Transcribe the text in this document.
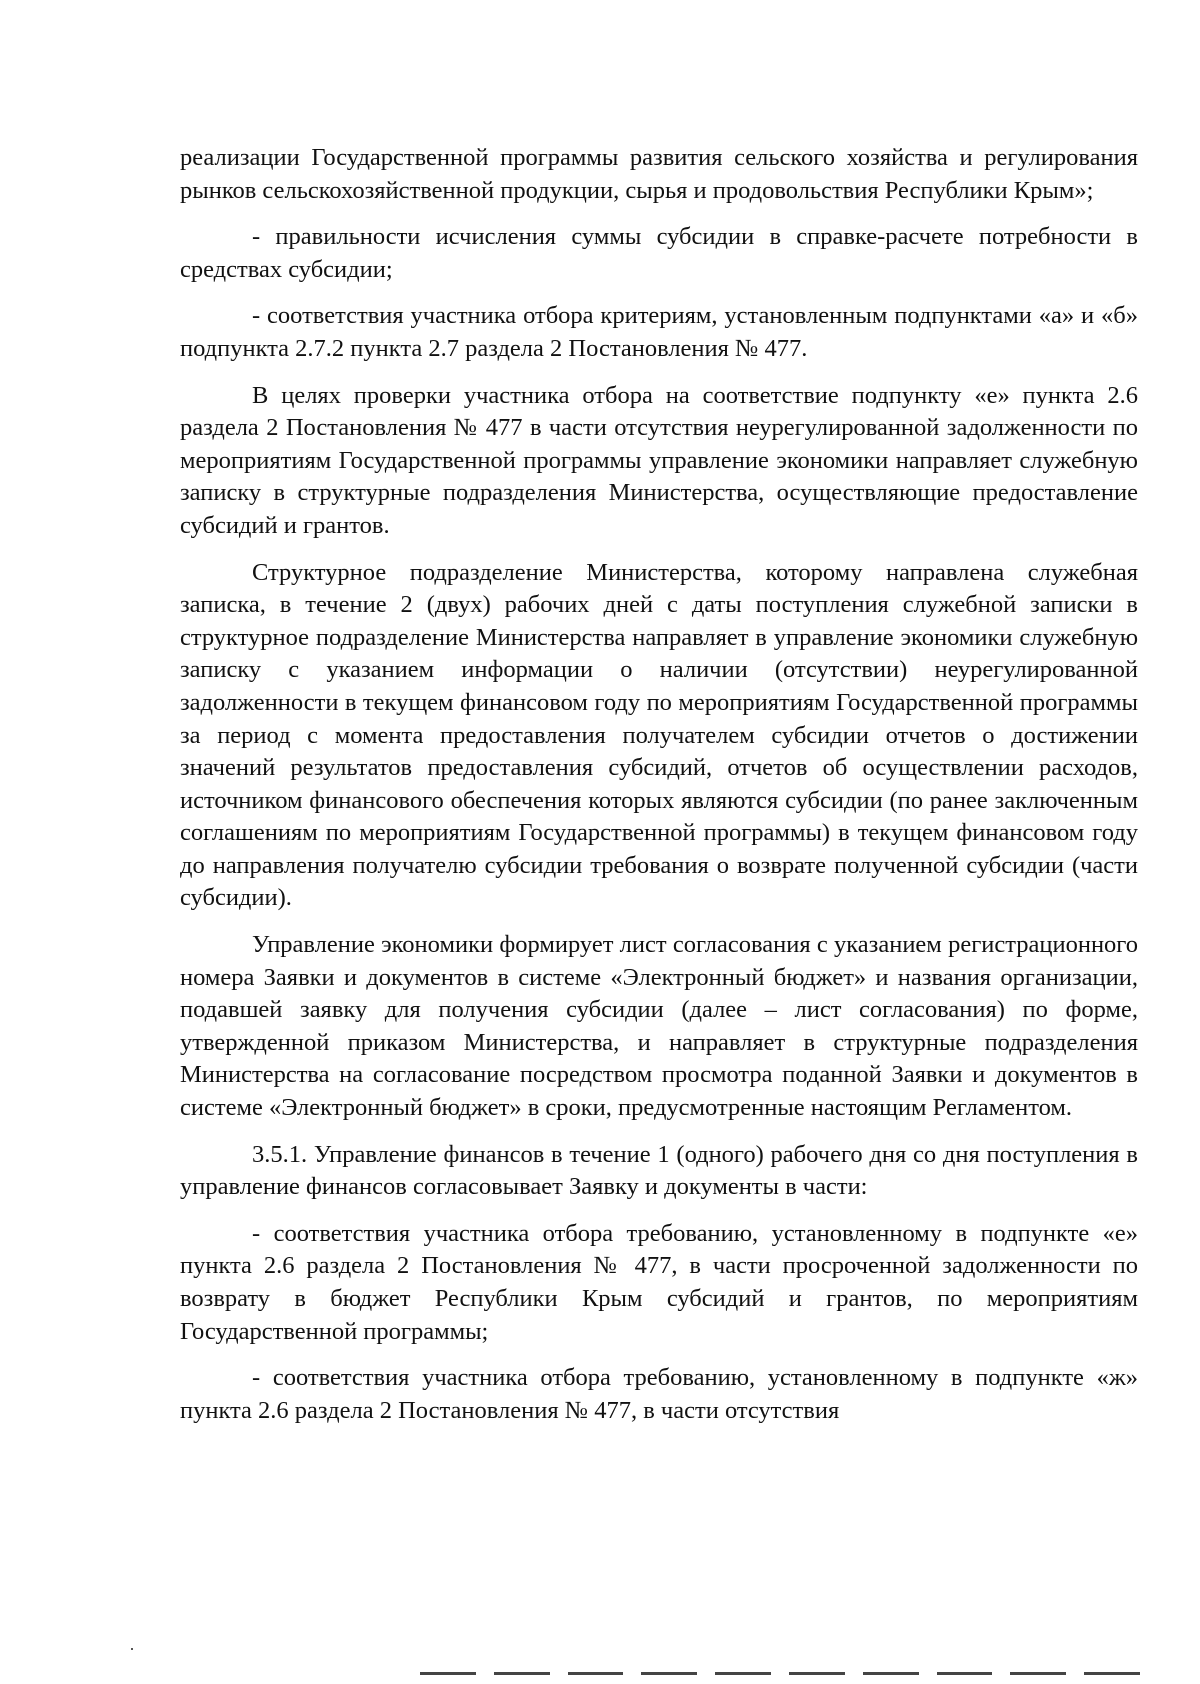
реализации Государственной программы развития сельского хозяйства и регулирования рынков сельскохозяйственной продукции, сырья и продовольствия Республики Крым»;

- правильности исчисления суммы субсидии в справке-расчете потребности в средствах субсидии;

- соответствия участника отбора критериям, установленным подпунктами «а» и «б» подпункта 2.7.2 пункта 2.7 раздела 2 Постановления № 477.

В целях проверки участника отбора на соответствие подпункту «е» пункта 2.6 раздела 2 Постановления № 477 в части отсутствия неурегулированной задолженности по мероприятиям Государственной программы управление экономики направляет служебную записку в структурные подразделения Министерства, осуществляющие предоставление субсидий и грантов.

Структурное подразделение Министерства, которому направлена служебная записка, в течение 2 (двух) рабочих дней с даты поступления служебной записки в структурное подразделение Министерства направляет в управление экономики служебную записку с указанием информации о наличии (отсутствии) неурегулированной задолженности в текущем финансовом году по мероприятиям Государственной программы за период с момента предоставления получателем субсидии отчетов о достижении значений результатов предоставления субсидий, отчетов об осуществлении расходов, источником финансового обеспечения которых являются субсидии (по ранее заключенным соглашениям по мероприятиям Государственной программы) в текущем финансовом году до направления получателю субсидии требования о возврате полученной субсидии (части субсидии).

Управление экономики формирует лист согласования с указанием регистрационного номера Заявки и документов в системе «Электронный бюджет» и названия организации, подавшей заявку для получения субсидии (далее – лист согласования) по форме, утвержденной приказом Министерства, и направляет в структурные подразделения Министерства на согласование посредством просмотра поданной Заявки и документов в системе «Электронный бюджет» в сроки, предусмотренные настоящим Регламентом.

3.5.1. Управление финансов в течение 1 (одного) рабочего дня со дня поступления в управление финансов согласовывает Заявку и документы в части:

- соответствия участника отбора требованию, установленному в подпункте «е» пункта 2.6 раздела 2 Постановления № 477, в части просроченной задолженности по возврату в бюджет Республики Крым субсидий и грантов, по мероприятиям Государственной программы;

- соответствия участника отбора требованию, установленному в подпункте «ж» пункта 2.6 раздела 2 Постановления № 477, в части отсутствия
